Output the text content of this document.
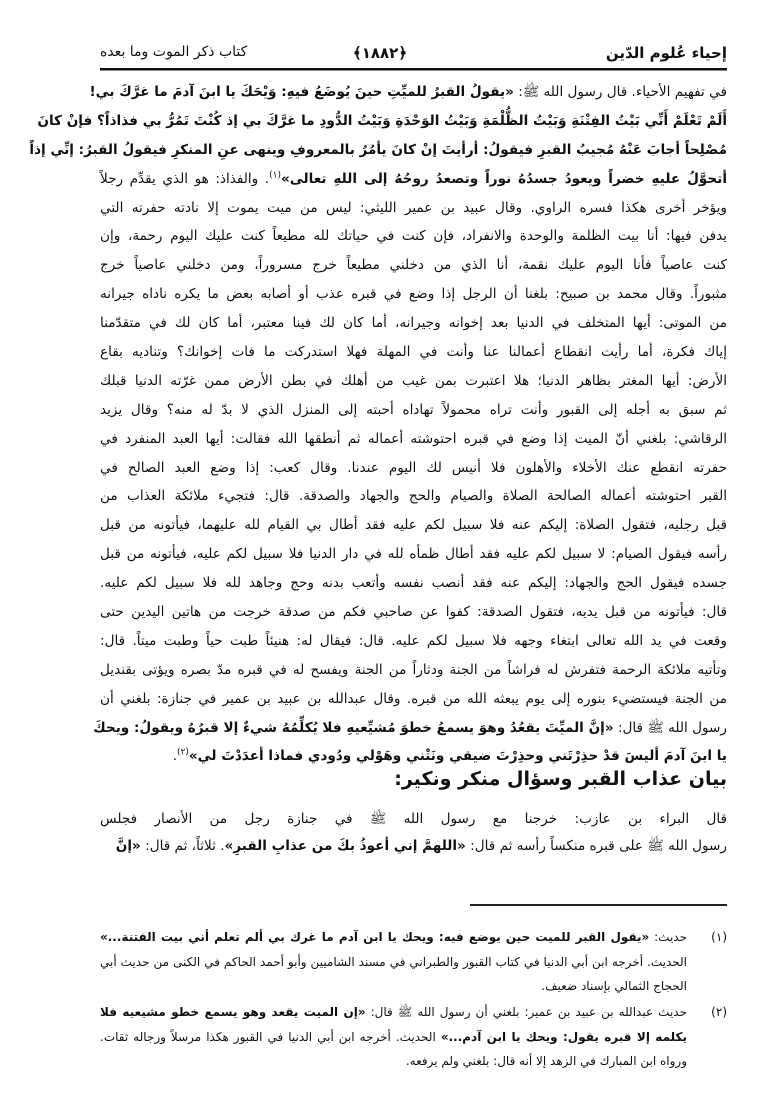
إحياء عُلوم الدّين
﴿١٨٨٢﴾
كتاب ذكر الموت وما بعده
في تفهيم الأحياء. قال رسول الله ﷺ: «يقولُ القبرُ للميِّتِ حينَ يُوضَعُ فيهِ: وَيْحَكَ يا ابنَ آدمَ ما غرَّكَ بي!
أَلَمْ تَعْلَمْ أَنِّي بَيْتُ الفِتْنَةِ وَبَيْتُ الظُّلْمَةِ وَبَيْتُ الوَحْدَةِ وَبَيْتُ الدُّودِ ما غرَّكَ بي إذ كُنْتَ تَمُرُّ بي فذاذاً؟ فإنْ كانَ
مُصْلِحاً أجابَ عَنْهُ مُجيبُ القبرِ فيقولُ: أرأيتَ إنْ كانَ يأمُرُ بالمعروفِ وينهى عنِ المنكرِ فيقولُ القبرُ: إنِّي إذاً
أتحوَّلُ عليهِ خضراً ويعودُ جسدُهُ نوراً وتصعدُ روحُهُ إلى اللهِ تعالى»$^{(١)}$. والفذاذ: هو الذي يقدِّم رجلاً
ويؤخر أخرى هكذا فسره الراوي. وقال عبيد بن عمير الليثي: ليس من ميت يموت إلا نادته حفرته التي
يدفن فيها: أنا بيت الظلمة والوحدة والانفراد، فإن كنت في حياتك لله مطيعاً كنت عليك اليوم رحمة، وإن
كنت عاصياً فأنا اليوم عليك نقمة، أنا الذي من دخلني مطيعاً خرج مسروراً، ومن دخلني عاصياً خرج
مثبوراً. وقال محمد بن صبيح: بلغنا أن الرجل إذا وضع في قبره عذب أو أصابه بعض ما يكره ناداه جيرانه
من الموتى: أيها المتخلف في الدنيا بعد إخوانه وجيرانه، أما كان لك فينا معتبر، أما كان لك في متقدّمنا
إياك فكرة، أما رأيت انقطاع أعمالنا عنا وأنت في المهلة فهلا استدركت ما فات إخوانك؟ وتناديه بقاع
الأرض: أيها المغتر بظاهر الدنيا؛ هلا اعتبرت بمن غيب من أهلك في بطن الأرض ممن غرّته الدنيا قبلك
ثم سبق به أجله إلى القبور وأنت تراه محمولاً تهاداه أحبته إلى المنزل الذي لا بدّ له منه؟ وقال يزيد
الرقاشي: بلغني أنّ الميت إذا وضع في قبره احتوشته أعماله ثم أنطقها الله فقالت: أيها العبد المنفرد في
حفرته انقطع عنك الأخلاء والأهلون فلا أنيس لك اليوم عندنا. وقال كعب: إذا وضع العبد الصالح في
القبر احتوشته أعماله الصالحة الصلاة والصيام والحج والجهاد والصدقة. قال: فتجيء ملائكة العذاب من
قبل رجليه، فتقول الصلاة: إليكم عنه فلا سبيل لكم عليه فقد أطال بي القيام لله عليهما، فيأتونه من قبل
رأسه فيقول الصيام: لا سبيل لكم عليه فقد أطال ظمأه لله في دار الدنيا فلا سبيل لكم عليه، فيأتونه من قبل
جسده فيقول الحج والجهاد: إليكم عنه فقد أنصب نفسه وأتعب بدنه وحج وجاهد لله فلا سبيل لكم عليه.
قال: فيأتونه من قبل يديه، فتقول الصدقة: كفوا عن صاحبي فكم من صدقة خرجت من هاتين اليدين حتى
وقعت في يد الله تعالى ابتغاء وجهه فلا سبيل لكم عليه. قال: فيقال له: هنيئاً طبت حياً وطبت ميتاً. قال:
وتأتيه ملائكة الرحمة فتفرش له فراشاً من الجنة ودثاراً من الجنة ويفسح له في قبره مدّ بصره ويؤتى بقنديل
من الجنة فيستضيء بنوره إلى يوم يبعثه الله من قبره. وقال عبدالله بن عبيد بن عمير في جنازة: بلغني أن
رسول الله ﷺ قال: «إنَّ الميِّتَ يقعُدُ وهوَ يسمعُ خطوَ مُشيِّعيهِ فلا يُكلِّمُهُ شيءٌ إلا قبرُهُ ويقولُ: ويحكَ
يا ابنَ آدمَ أليسَ قدْ حذِرْتَني وحذِرْتَ ضيقي ونَتْني وهَوْلي ودُودي فماذا أعدَدْتَ لي»$^{(٢)}$.
بيان عذاب القبر وسؤال منكر ونكير:
قال البراء بن عازب: خرجنا مع رسول الله ﷺ في جنازة رجل من الأنصار فجلس
رسول الله ﷺ على قبره منكساً رأسه ثم قال: «اللهمَّ إني أعوذُ بكَ من عذابِ القبرِ». ثلاثاً، ثم قال: «إنَّ
(١)
حديث: «يقول القبر للميت حين يوضع فيه: ويحك يا ابن آدم ما غرك بي ألم تعلم أني بيت الفتنة...» الحديث. أخرجه ابن أبي الدنيا في كتاب القبور والطبراني في مسند الشاميين وأبو أحمد الحاكم في الكنى من حديث أبي الحجاج الثمالي بإسناد ضعيف.
(٢)
حديث عبدالله بن عبيد بن عمير: بلغني أن رسول الله ﷺ قال: «إن الميت يقعد وهو يسمع خطو مشيعيه فلا يكلمه إلا قبره يقول: ويحك يا ابن آدم...» الحديث. أخرجه ابن أبي الدنيا في القبور هكذا مرسلاً ورجاله ثقات. ورواه ابن المبارك في الزهد إلا أنه قال: بلغني ولم يرفعه.
